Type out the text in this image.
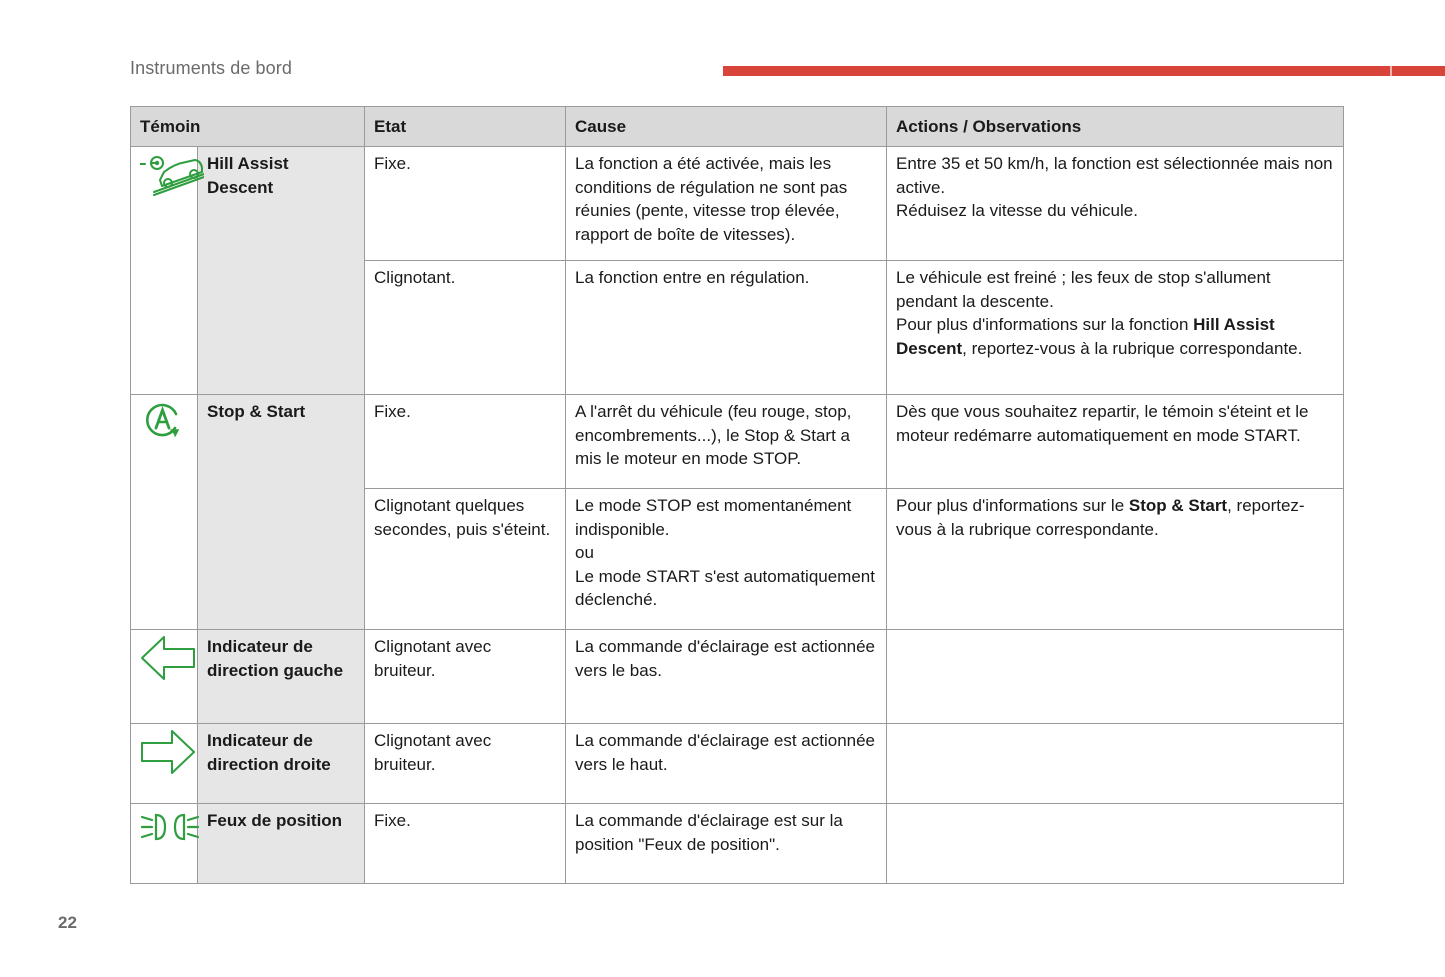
Instruments de bord
Témoin		Etat	Cause	Actions / Observations

	Hill Assist Descent	Fixe.	La fonction a été activée, mais les conditions de régulation ne sont pas réunies (pente, vitesse trop élevée, rapport de boîte de vitesses).	Entre 35 et 50 km/h, la fonction est sélectionnée mais non active.
Réduisez la vitesse du véhicule.

		Clignotant.	La fonction entre en régulation.	Le véhicule est freiné ; les feux de stop s'allument pendant la descente.
Pour plus d'informations sur la fonction Hill Assist Descent, reportez-vous à la rubrique correspondante.

	Stop & Start	Fixe.	A l'arrêt du véhicule (feu rouge, stop, encombrements...), le Stop & Start a mis le moteur en mode STOP.	Dès que vous souhaitez repartir, le témoin s'éteint et le moteur redémarre automatiquement en mode START.
		Clignotant quelques secondes, puis s'éteint.	Le mode STOP est momentanément indisponible.
ou
Le mode START s'est automatiquement déclenché.	Pour plus d'informations sur le Stop & Start, reportez-vous à la rubrique correspondante.

	Indicateur de direction gauche	Clignotant avec bruiteur.	La commande d'éclairage est actionnée vers le bas.	

	Indicateur de direction droite	Clignotant avec bruiteur.	La commande d'éclairage est actionnée vers le haut.	

	Feux de position	Fixe.	La commande d'éclairage est sur la position "Feux de position".	
22
